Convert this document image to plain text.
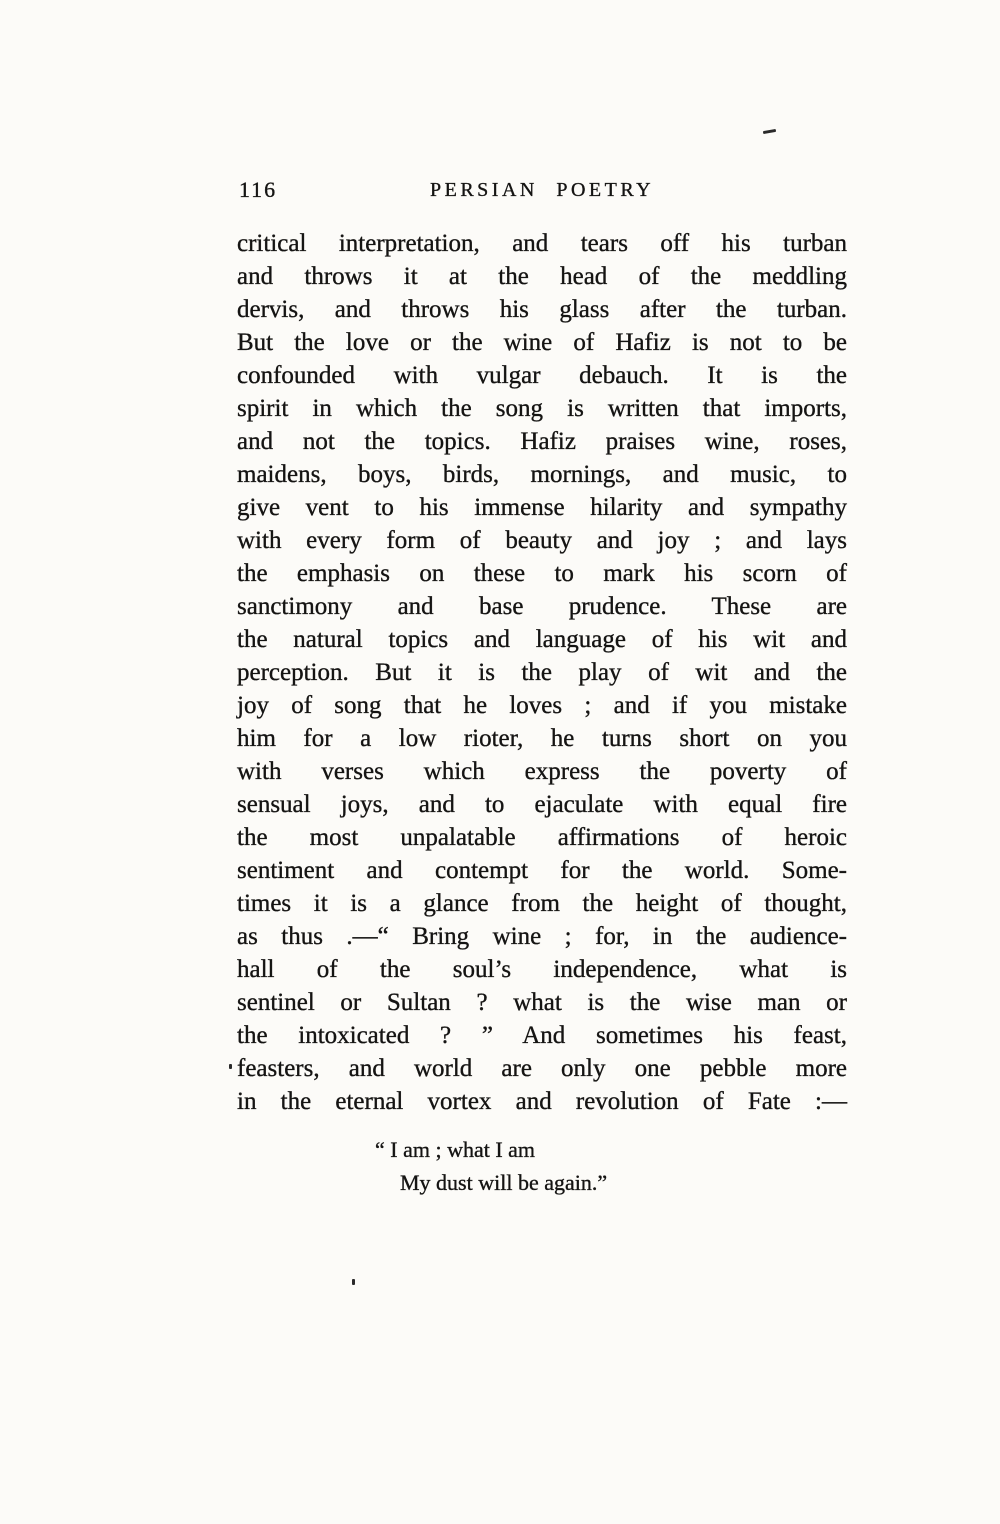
116	PERSIAN POETRY
critical interpretation, and tears off his turban
and throws it at the head of the meddling
dervis, and throws his glass after the turban.
But the love or the wine of Hafiz is not to be
confounded with vulgar debauch. It is the
spirit in which the song is written that imports,
and not the topics. Hafiz praises wine, roses,
maidens, boys, birds, mornings, and music, to
give vent to his immense hilarity and sympathy
with every form of beauty and joy ; and lays
the emphasis on these to mark his scorn of
sanctimony and base prudence. These are
the natural topics and language of his wit and
perception. But it is the play of wit and the
joy of song that he loves ; and if you mistake
him for a low rioter, he turns short on you
with verses which express the poverty of
sensual joys, and to ejaculate with equal fire
the most unpalatable affirmations of heroic
sentiment and contempt for the world. Some-
times it is a glance from the height of thought,
as thus .—“ Bring wine ; for, in the audience-
hall of the soul’s independence, what is
sentinel or Sultan ? what is the wise man or
the intoxicated ? ” And sometimes his feast,
feasters, and world are only one pebble more
in the eternal vortex and revolution of Fate :—
“ I am ; what I am
My dust will be again.”
